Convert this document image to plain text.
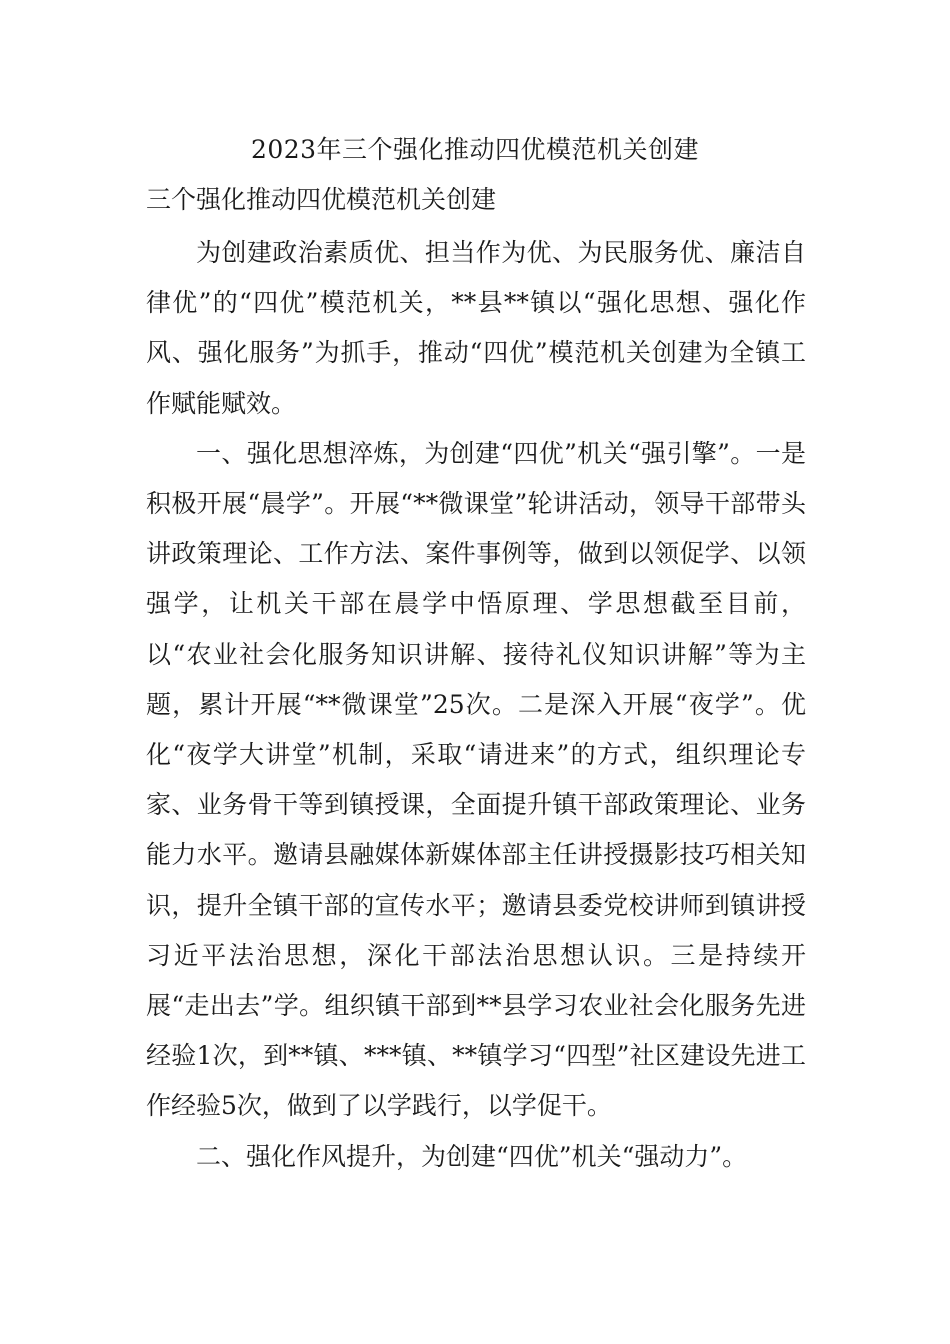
2023年三个强化推动四优模范机关创建
三个强化推动四优模范机关创建

为创建政治素质优、担当作为优、为民服务优、廉洁自律优”的“四优”模范机关，**县**镇以“强化思想、强化作风、强化服务”为抓手，推动“四优”模范机关创建为全镇工作赋能赋效。

一、强化思想淬炼，为创建“四优”机关“强引擎”。一是积极开展“晨学”。开展“**微课堂”轮讲活动，领导干部带头讲政策理论、工作方法、案件事例等，做到以领促学、以领强学，让机关干部在晨学中悟原理、学思想截至目前，以“农业社会化服务知识讲解、接待礼仪知识讲解”等为主题，累计开展“**微课堂”25次。二是深入开展“夜学”。优化“夜学大讲堂”机制，采取“请进来”的方式，组织理论专家、业务骨干等到镇授课，全面提升镇干部政策理论、业务能力水平。邀请县融媒体新媒体部主任讲授摄影技巧相关知识，提升全镇干部的宣传水平；邀请县委党校讲师到镇讲授习近平法治思想，深化干部法治思想认识。三是持续开展“走出去”学。组织镇干部到**县学习农业社会化服务先进经验1次，到**镇、***镇、**镇学习“四型”社区建设先进工作经验5次，做到了以学践行，以学促干。

二、强化作风提升，为创建“四优”机关“强动力”。
